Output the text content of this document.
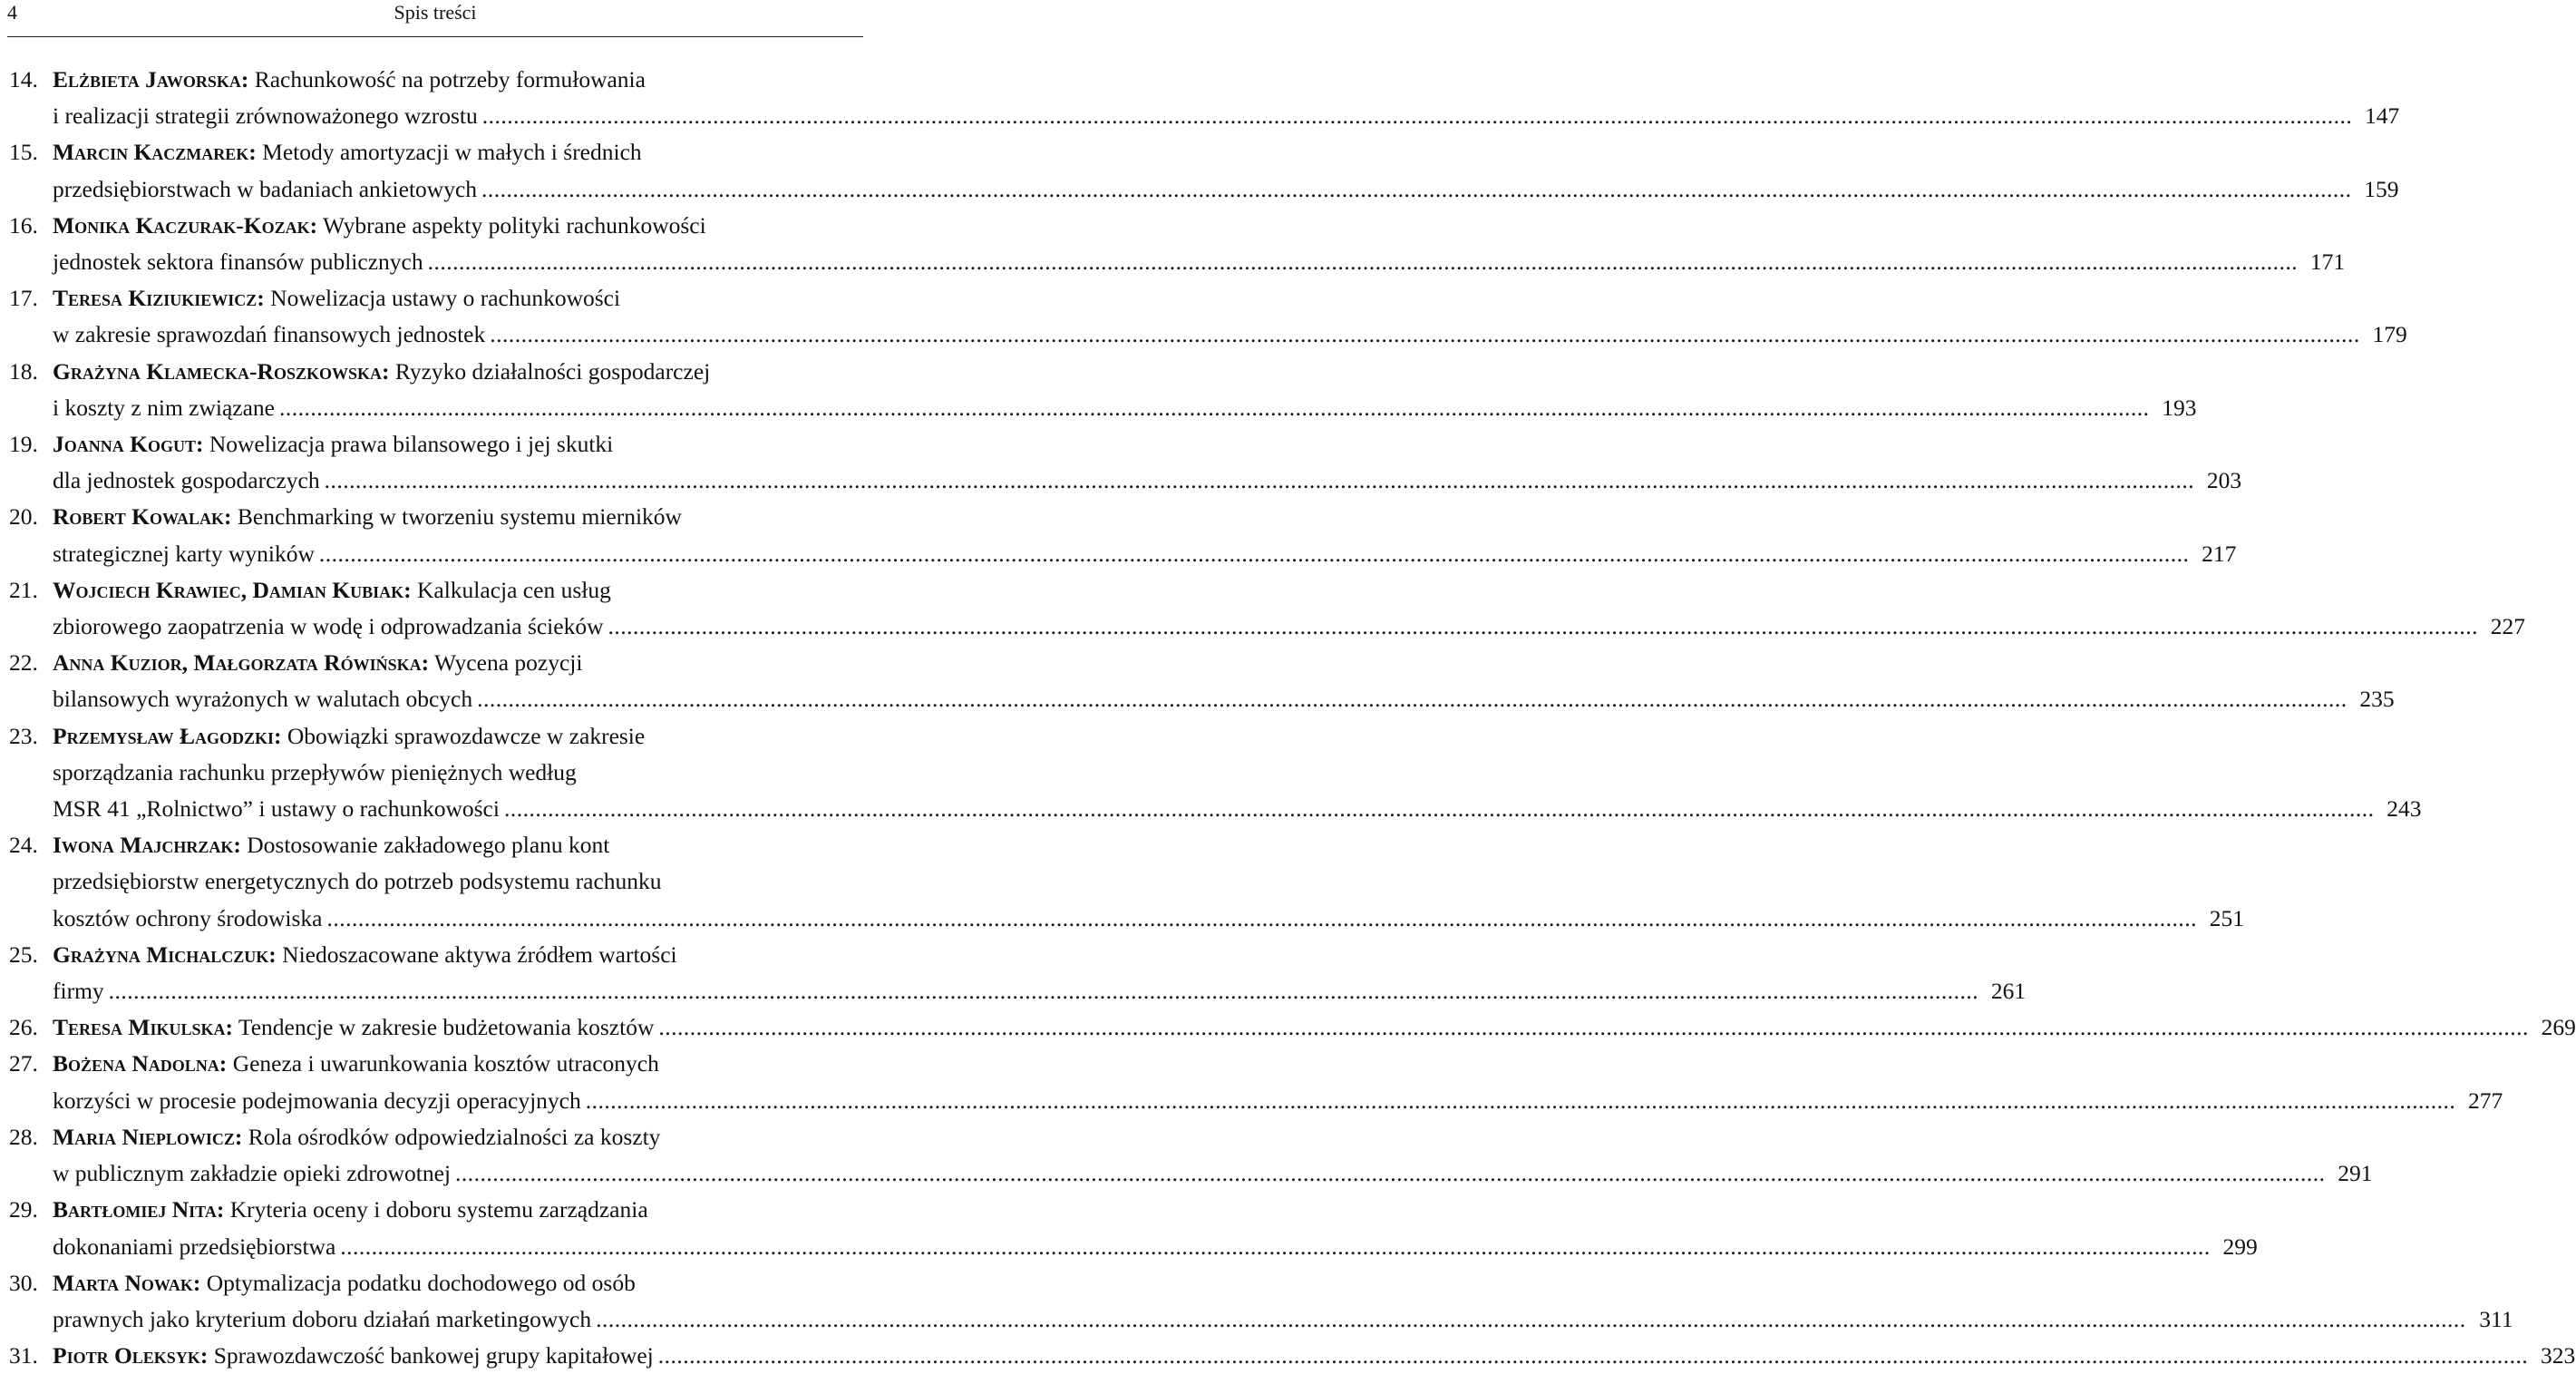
4	Spis treści
14. Elżbieta Jaworska: Rachunkowość na potrzeby formułowania
i realizacji strategii zrównoważonego wzrostu ............................................................................................................................................................................................................................................................................................................ 147
15. Marcin Kaczmarek: Metody amortyzacji w małych i średnich
przedsiębiorstwach w badaniach ankietowych ............................................................................................................................................................................................................................................................................................................ 159
16. Monika Kaczurak-Kozak: Wybrane aspekty polityki rachunkowości
jednostek sektora finansów publicznych ............................................................................................................................................................................................................................................................................................................ 171
17. Teresa Kiziukiewicz: Nowelizacja ustawy o rachunkowości
w zakresie sprawozdań finansowych jednostek ............................................................................................................................................................................................................................................................................................................ 179
18. Grażyna Klamecka-Roszkowska: Ryzyko działalności gospodarczej
i koszty z nim związane ............................................................................................................................................................................................................................................................................................................ 193
19. Joanna Kogut: Nowelizacja prawa bilansowego i jej skutki
dla jednostek gospodarczych ............................................................................................................................................................................................................................................................................................................ 203
20. Robert Kowalak: Benchmarking w tworzeniu systemu mierników
strategicznej karty wyników ............................................................................................................................................................................................................................................................................................................ 217
21. Wojciech Krawiec, Damian Kubiak: Kalkulacja cen usług
zbiorowego zaopatrzenia w wodę i odprowadzania ścieków ............................................................................................................................................................................................................................................................................................................ 227
22. Anna Kuzior, Małgorzata Rówińska: Wycena pozycji
bilansowych wyrażonych w walutach obcych ............................................................................................................................................................................................................................................................................................................ 235
23. Przemysław Łagodzki: Obowiązki sprawozdawcze w zakresie
sporządzania rachunku przepływów pieniężnych według
MSR 41 „Rolnictwo” i ustawy o rachunkowości ............................................................................................................................................................................................................................................................................................................ 243
24. Iwona Majchrzak: Dostosowanie zakładowego planu kont
przedsiębiorstw energetycznych do potrzeb podsystemu rachunku
kosztów ochrony środowiska ............................................................................................................................................................................................................................................................................................................ 251
25. Grażyna Michalczuk: Niedoszacowane aktywa źródłem wartości
firmy ............................................................................................................................................................................................................................................................................................................ 261
26. Teresa Mikulska: Tendencje w zakresie budżetowania kosztów ............................................................................................................................................................................................................................................................................................................ 269
27. Bożena Nadolna: Geneza i uwarunkowania kosztów utraconych
korzyści w procesie podejmowania decyzji operacyjnych ............................................................................................................................................................................................................................................................................................................ 277
28. Maria Nieplowicz: Rola ośrodków odpowiedzialności za koszty
w publicznym zakładzie opieki zdrowotnej ............................................................................................................................................................................................................................................................................................................ 291
29. Bartłomiej Nita: Kryteria oceny i doboru systemu zarządzania
dokonaniami przedsiębiorstwa ............................................................................................................................................................................................................................................................................................................ 299
30. Marta Nowak: Optymalizacja podatku dochodowego od osób
prawnych jako kryterium doboru działań marketingowych ............................................................................................................................................................................................................................................................................................................ 311
31. Piotr Oleksyk: Sprawozdawczość bankowej grupy kapitałowej ............................................................................................................................................................................................................................................................................................................ 323
